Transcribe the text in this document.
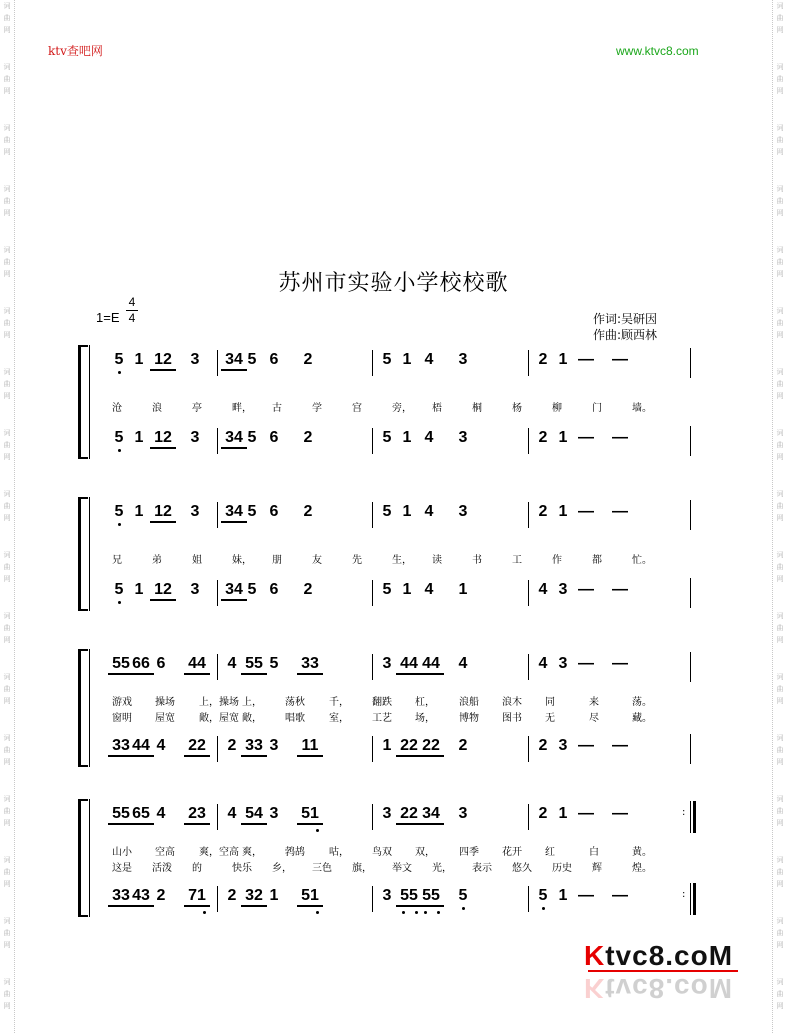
词
曲
网
词
曲
网
词
曲
网
词
曲
网
词
曲
网
词
曲
网
词
曲
网
词
曲
网
词
曲
网
词
曲
网
词
曲
网
词
曲
网
词
曲
网
词
曲
网
词
曲
网
词
曲
网
词
曲
网
词
曲
网
词
曲
网
词
曲
网
词
曲
网
词
曲
网
词
曲
网
词
曲
网
词
曲
网
词
曲
网
词
曲
网
词
曲
网
词
曲
网
词
曲
网
词
曲
网
词
曲
网
词
曲
网
词
曲
网
ktv查吧网	www.ktvc8.com
苏州市实验小学校校歌
1=E
4
4	作词:吴研因
作曲:顾西林
5 1 12 3 34 5 6 2	5 1 4 3	2 1 — —
5 1 12 3 34 5 6 2	5 1 4 3	2 1 — —
沧	浪	亭	畔， 古	学	宫	旁， 梧	桐	杨	柳	门	墙。
5 1 12 3 34 5 6 2	5 1 4 3	2 1 — —
5 1 12 3 34 5 6 2	5 1 4 1	4 3 — —
兄	弟	姐	妹， 朋	友	先	生， 读	书	工	作	都	忙。
55 66 6 44 4 55 5 33	3 44 44 4	4 3 — —
33 44 4 22 2 33 3 11	1 22 22 2	2 3 — —
游戏 操场 上，操场 上， 荡秋 千， 翻跌 杠， 浪船 浪木 同	来	荡。
窗明 屋宽 敞，屋宽 敞， 唱歌 室， 工艺 场， 博物 图书 无	尽	藏。
55 65 4 23 4 54 3 51	3 22 34 3	2 1 — —	:
33 43 2 71 2 32 1 51	3 55 55 5	5 1 — —	:
山小 空高 爽，空高 爽， 鹁鸪 咕， 鸟双 双， 四季 花开 红	白	黄。
这是 活泼 的	快乐 乡， 三色 旗， 举文 光， 表示 悠久 历史 辉	煌。
Ktvc8.coM
Ktvc8.coM
